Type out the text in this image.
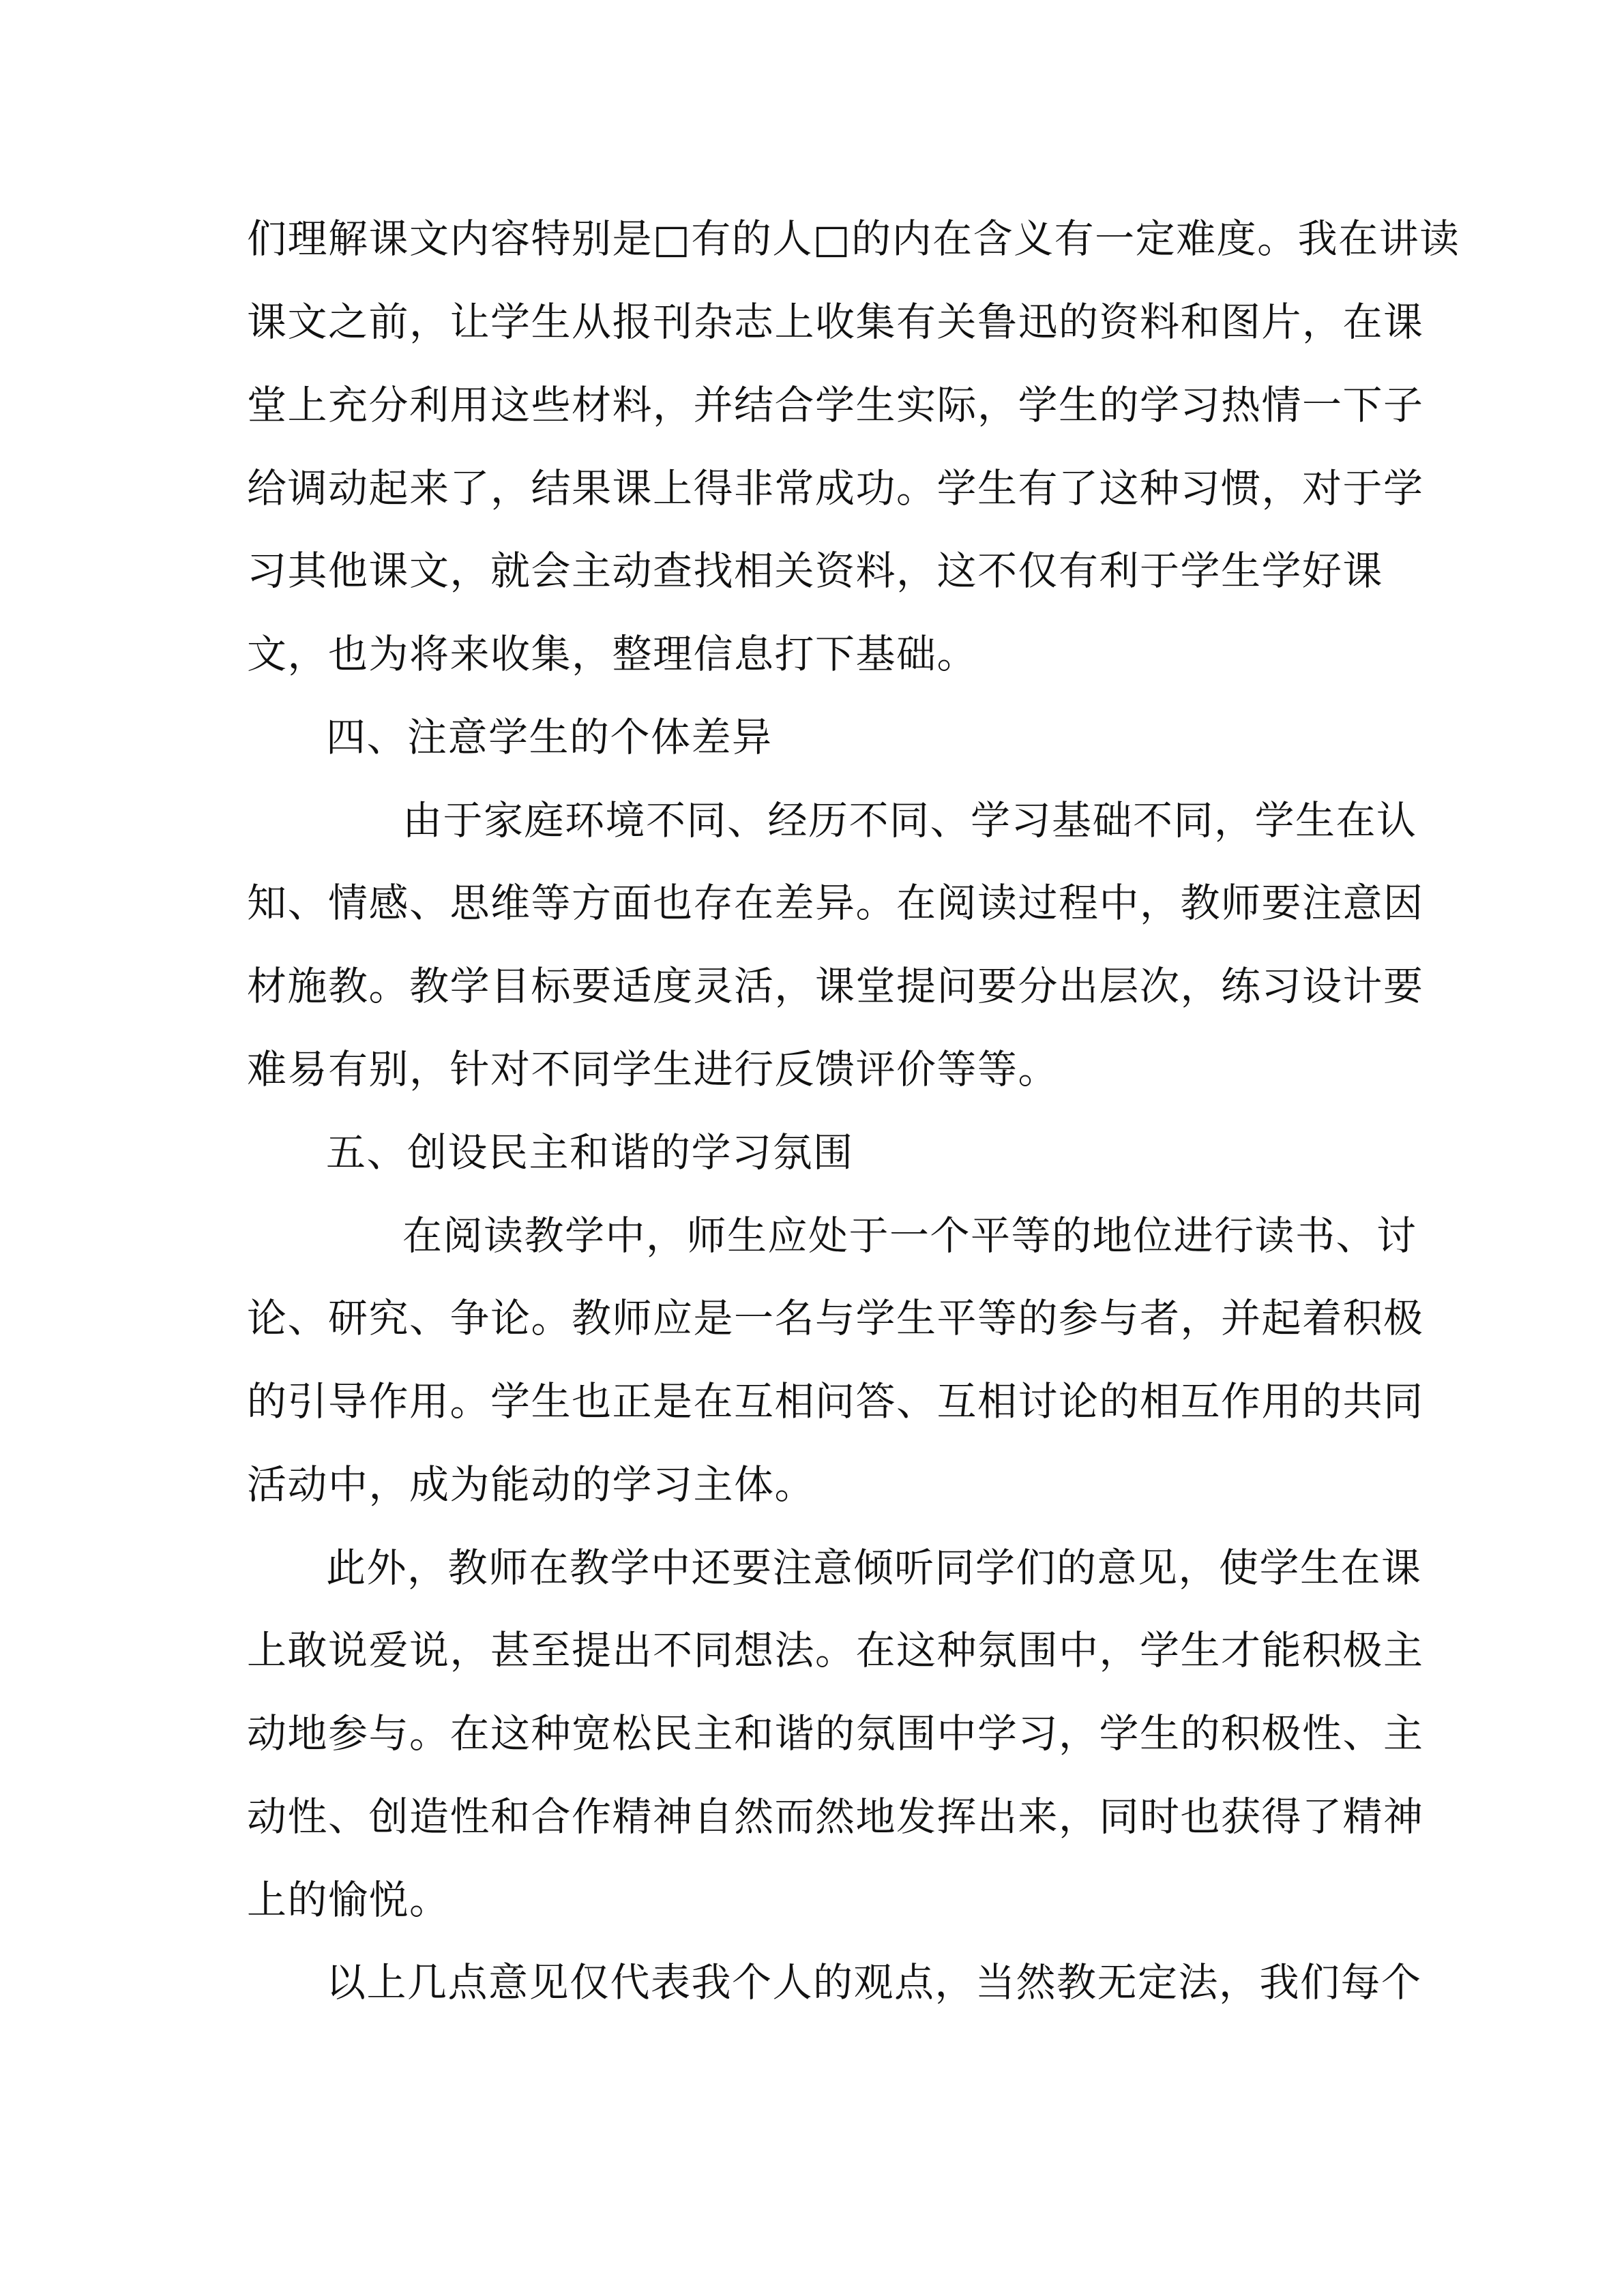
们理解课文内容特别是□有的人□的内在含义有一定难度。我在讲读
课文之前，让学生从报刊杂志上收集有关鲁迅的资料和图片，在课
堂上充分利用这些材料，并结合学生实际，学生的学习热情一下子
给调动起来了，结果课上得非常成功。学生有了这种习惯，对于学
习其他课文，就会主动查找相关资料，这不仅有利于学生学好课
文，也为将来收集，整理信息打下基础。
四、注意学生的个体差异
由于家庭环境不同、经历不同、学习基础不同，学生在认
知、情感、思维等方面也存在差异。在阅读过程中，教师要注意因
材施教。教学目标要适度灵活，课堂提问要分出层次，练习设计要
难易有别，针对不同学生进行反馈评价等等。
五、创设民主和谐的学习氛围
在阅读教学中，师生应处于一个平等的地位进行读书、讨
论、研究、争论。教师应是一名与学生平等的参与者，并起着积极
的引导作用。学生也正是在互相问答、互相讨论的相互作用的共同
活动中，成为能动的学习主体。
此外，教师在教学中还要注意倾听同学们的意见，使学生在课
上敢说爱说，甚至提出不同想法。在这种氛围中，学生才能积极主
动地参与。在这种宽松民主和谐的氛围中学习，学生的积极性、主
动性、创造性和合作精神自然而然地发挥出来，同时也获得了精神
上的愉悦。
以上几点意见仅代表我个人的观点，当然教无定法，我们每个
